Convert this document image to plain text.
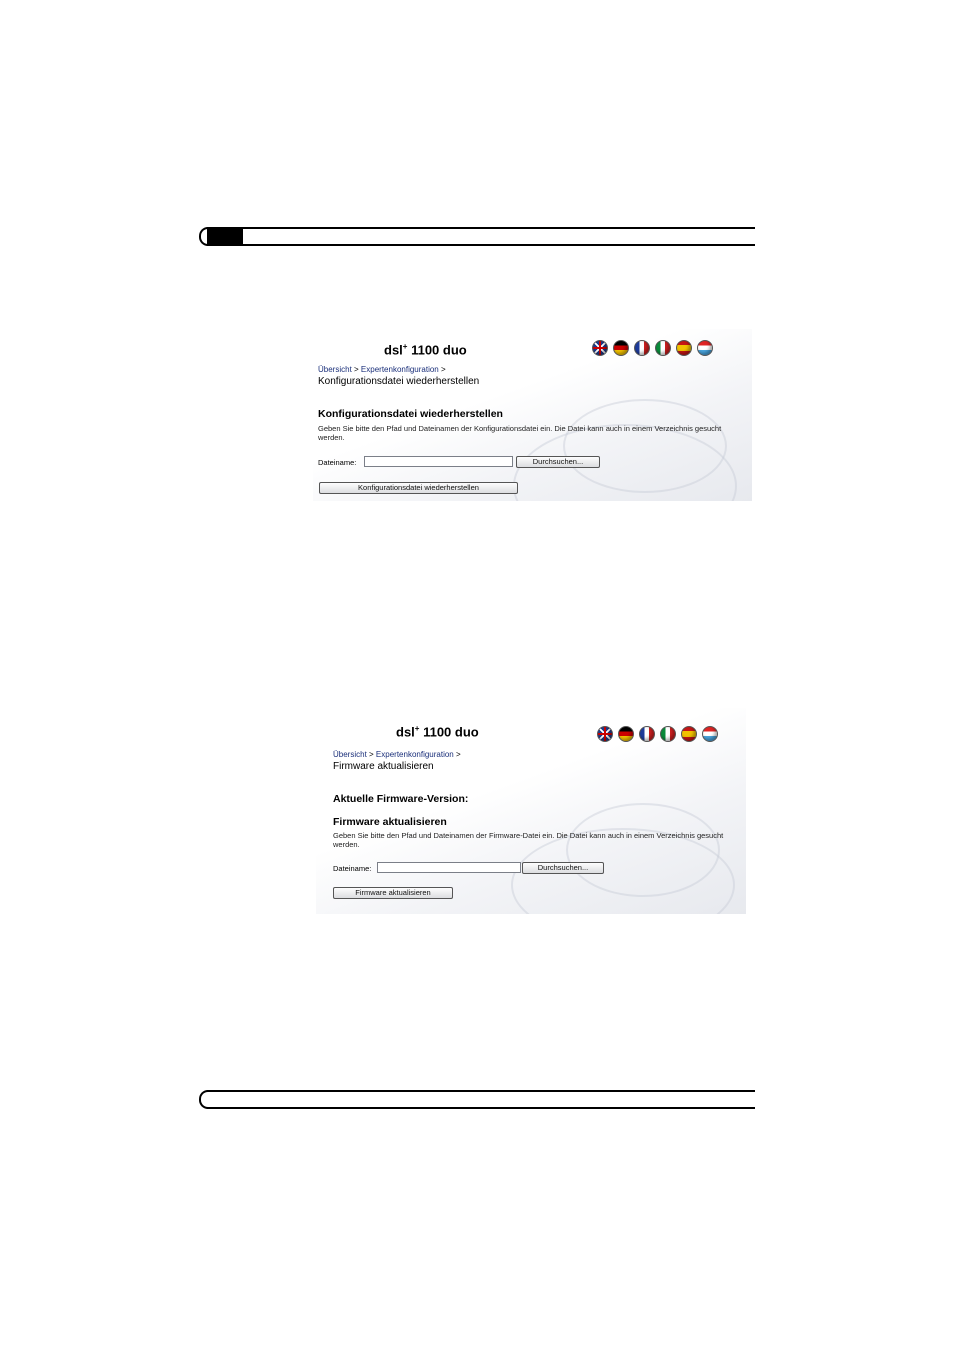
dsl+ 1100 duo
Übersicht > Expertenkonfiguration >
Konfigurationsdatei wiederherstellen
Konfigurationsdatei wiederherstellen
Geben Sie bitte den Pfad und Dateinamen der Konfigurationsdatei ein. Die Datei kann auch in einem Verzeichnis gesucht werden.
Dateiname:	Durchsuchen...
Konfigurationsdatei wiederherstellen
dsl+ 1100 duo
Übersicht > Expertenkonfiguration >
Firmware aktualisieren
Aktuelle Firmware-Version:
Firmware aktualisieren
Geben Sie bitte den Pfad und Dateinamen der Firmware-Datei ein. Die Datei kann auch in einem Verzeichnis gesucht werden.
Dateiname:	Durchsuchen...
Firmware aktualisieren
